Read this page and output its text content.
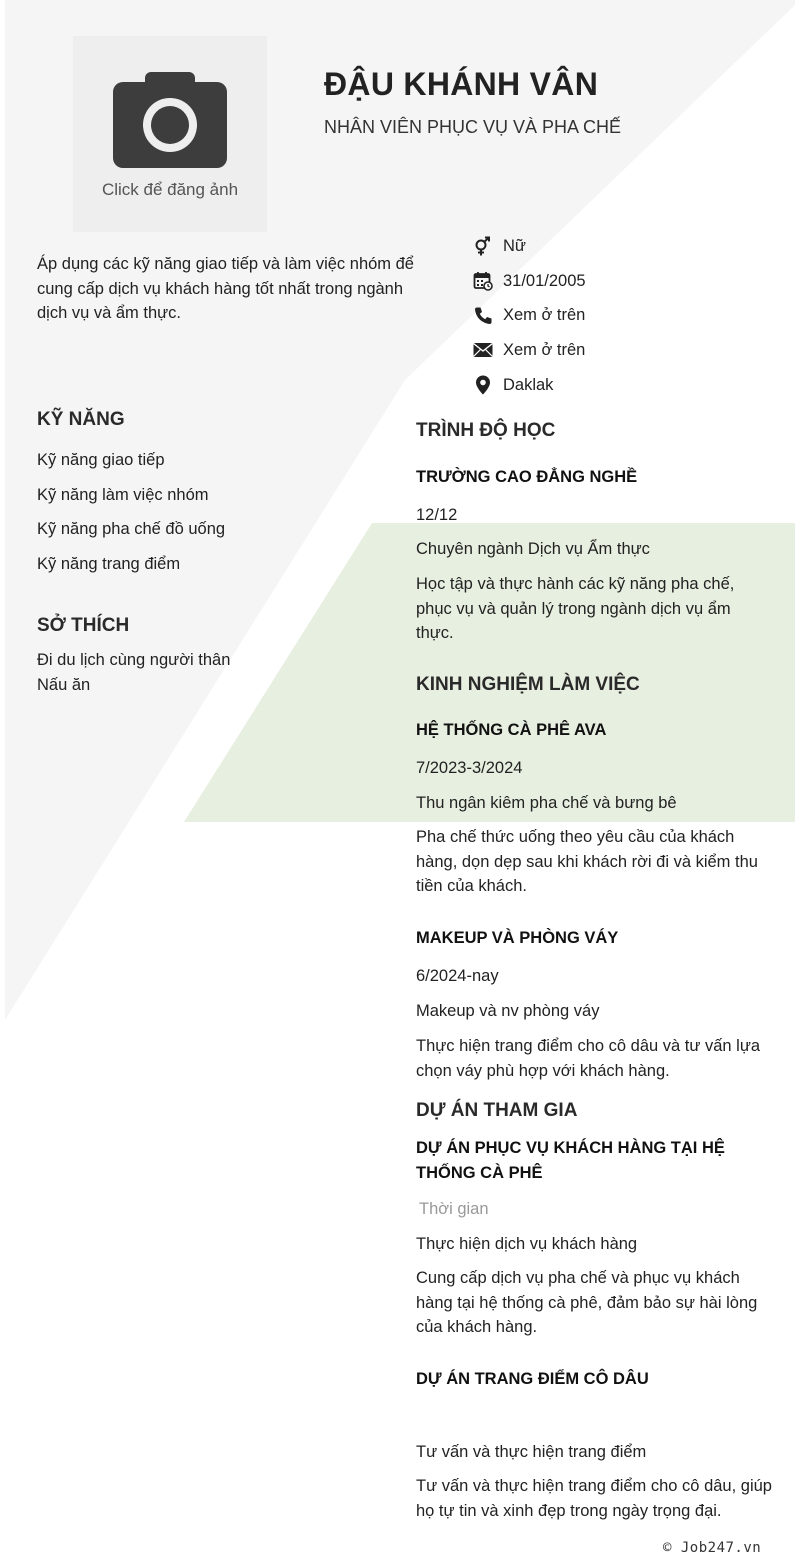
Click để đăng ảnh
ĐẬU KHÁNH VÂN
NHÂN VIÊN PHỤC VỤ VÀ PHA CHẾ
Áp dụng các kỹ năng giao tiếp và làm việc nhóm để cung cấp dịch vụ khách hàng tốt nhất trong ngành dịch vụ và ẩm thực.
Nữ
31/01/2005
Xem ở trên
Xem ở trên
Daklak
KỸ NĂNG
Kỹ năng giao tiếp
Kỹ năng làm việc nhóm
Kỹ năng pha chế đồ uống
Kỹ năng trang điểm
SỞ THÍCH
Đi du lịch cùng người thân
Nấu ăn
TRÌNH ĐỘ HỌC
TRƯỜNG CAO ĐẲNG NGHỀ
12/12
Chuyên ngành Dịch vụ Ẩm thực
Học tập và thực hành các kỹ năng pha chế, phục vụ và quản lý trong ngành dịch vụ ẩm thực.
KINH NGHIỆM LÀM VIỆC
HỆ THỐNG CÀ PHÊ AVA
7/2023-3/2024
Thu ngân kiêm pha chế và bưng bê
Pha chế thức uống theo yêu cầu của khách hàng, dọn dẹp sau khi khách rời đi và kiểm thu tiền của khách.
MAKEUP VÀ PHÒNG VÁY
6/2024-nay
Makeup và nv phòng váy
Thực hiện trang điểm cho cô dâu và tư vấn lựa chọn váy phù hợp với khách hàng.
DỰ ÁN THAM GIA
DỰ ÁN PHỤC VỤ KHÁCH HÀNG TẠI HỆ THỐNG CÀ PHÊ
Thời gian
Thực hiện dịch vụ khách hàng
Cung cấp dịch vụ pha chế và phục vụ khách hàng tại hệ thống cà phê, đảm bảo sự hài lòng của khách hàng.
DỰ ÁN TRANG ĐIỂM CÔ DÂU
Tư vấn và thực hiện trang điểm
Tư vấn và thực hiện trang điểm cho cô dâu, giúp họ tự tin và xinh đẹp trong ngày trọng đại.
© Job247.vn
